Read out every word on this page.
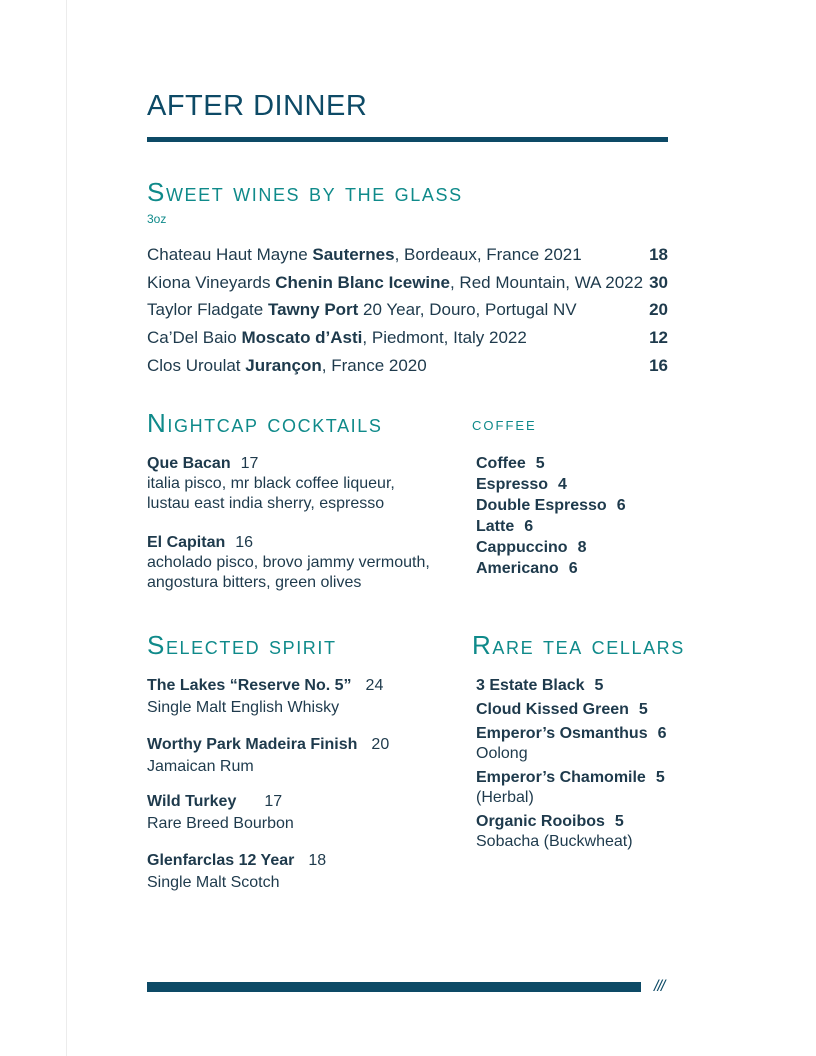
AFTER DINNER
Sweet wines by the glass
3oz
Chateau Haut Mayne Sauternes, Bordeaux, France 2021	18
Kiona Vineyards Chenin Blanc Icewine, Red Mountain, WA 2022 30
Taylor Fladgate Tawny Port 20 Year, Douro, Portugal NV	20
Ca’Del Baio Moscato d’Asti, Piedmont, Italy 2022	12
Clos Uroulat Jurançon, France 2020	16
Nightcap cocktails
Que Bacan 17
italia pisco, mr black coffee liqueur,
lustau east india sherry, espresso
El Capitan 16
acholado pisco, brovo jammy vermouth,
angostura bitters, green olives
coffee
Coffee 5
Espresso 4
Double Espresso 6
Latte 6
Cappuccino 8
Americano 6
Selected spirit
The Lakes “Reserve No. 5” 24
Single Malt English Whisky
Worthy Park Madeira Finish 20
Jamaican Rum
Wild Turkey 17
Rare Breed Bourbon
Glenfarclas 12 Year 18
Single Malt Scotch
Rare tea cellars
3 Estate Black 5
Cloud Kissed Green 5
Emperor’s Osmanthus 6
Oolong
Emperor’s Chamomile 5
(Herbal)
Organic Rooibos 5
Sobacha (Buckwheat)
///
